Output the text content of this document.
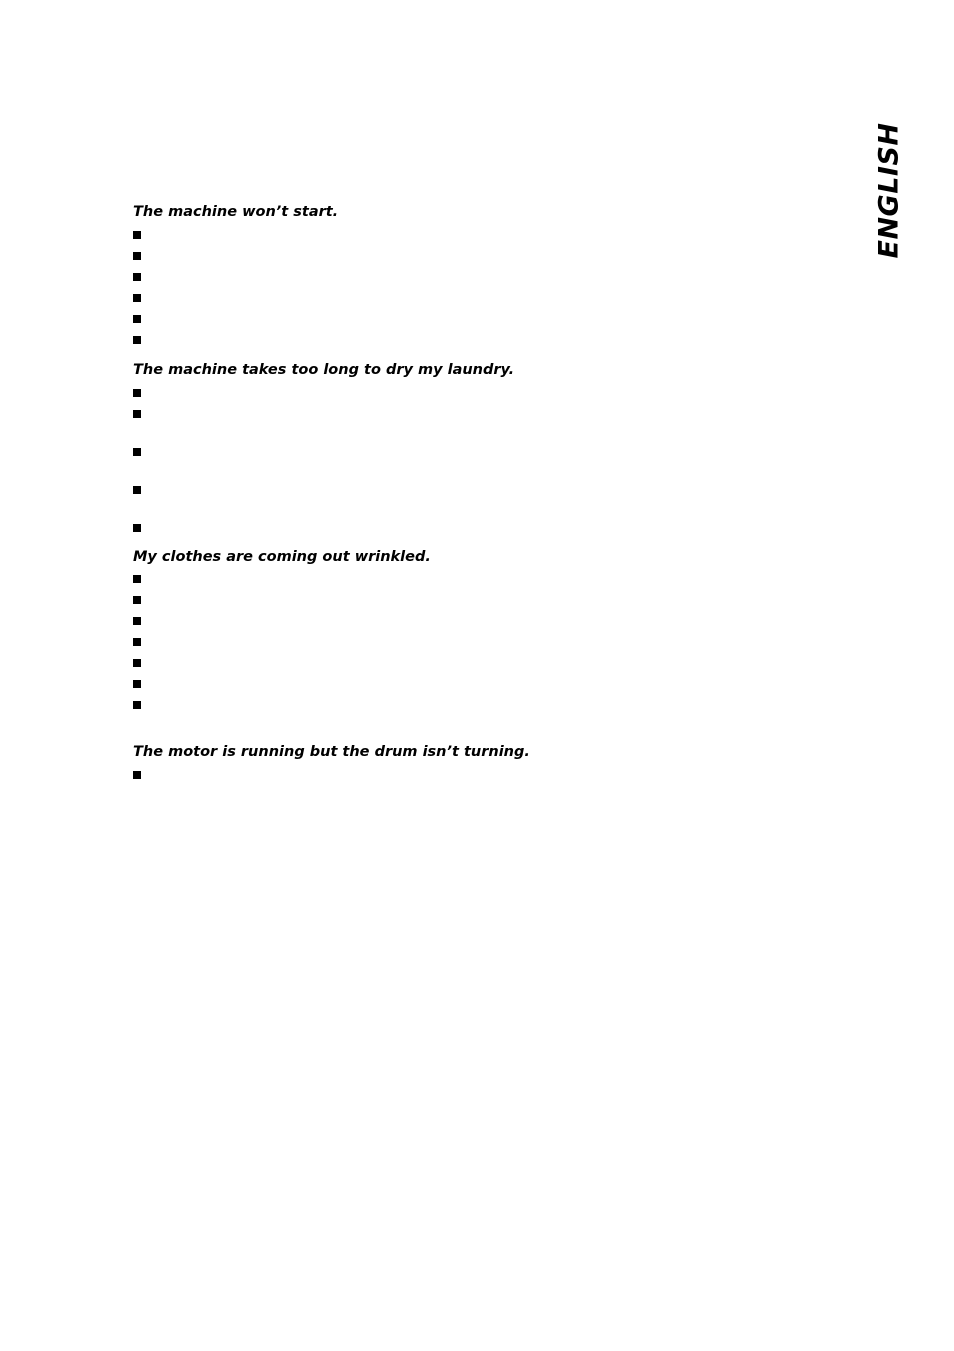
ENGLISH

The machine won’t start.

The machine takes too long to dry my laundry.

My clothes are coming out wrinkled.

The motor is running but the drum isn’t turning.
